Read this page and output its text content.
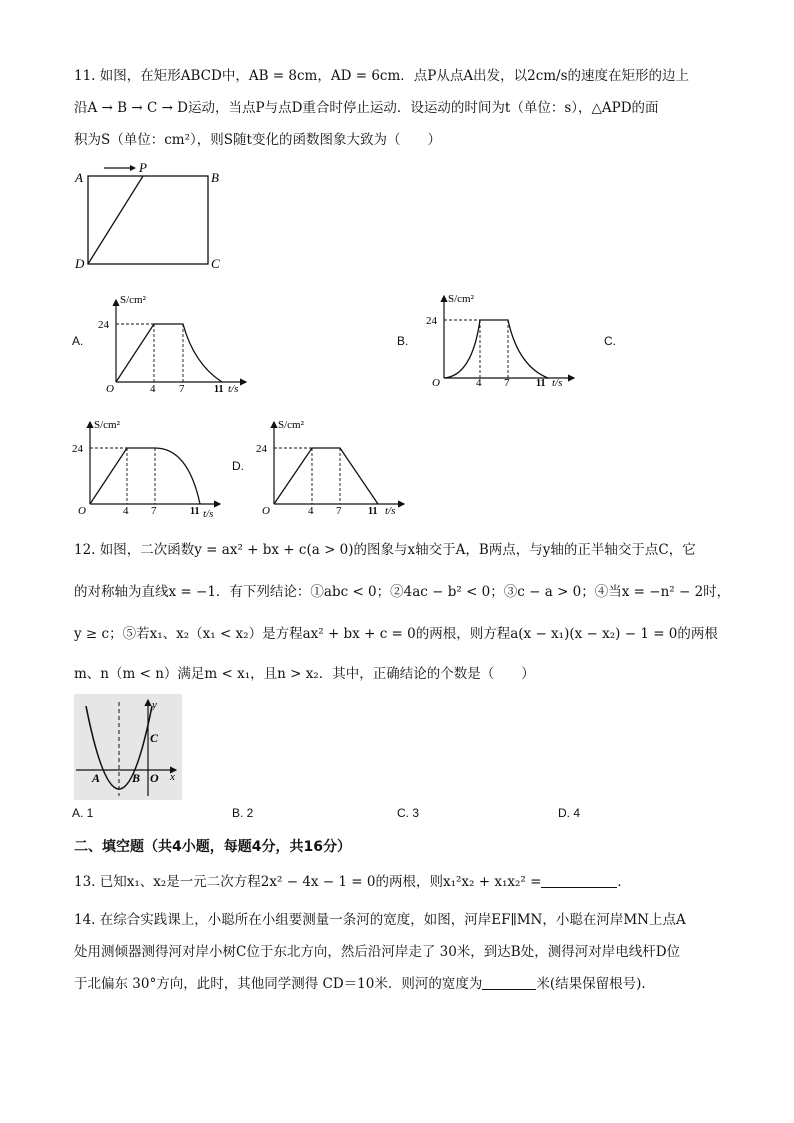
11. 如图，在矩形ABCD中，AB = 8cm，AD = 6cm．点P从点A出发，以2cm/s的速度在矩形的边上
沿A → B → C → D运动，当点P与点D重合时停止运动．设运动的时间为t（单位：s），△APD的面
积为S（单位：cm²），则S随t变化的函数图象大致为（　　）
A
P
B
D	C
A.	B.	C.
D.
S/cm²
24
O	4 7	11 t/s
S/cm²
24
O	4 7	11 t/s
S/cm²
24
O	4 7	11 t/s
S/cm²
24
O	4 7	11 t/s
12. 如图，二次函数y = ax² + bx + c(a > 0)的图象与x轴交于A，B两点，与y轴的正半轴交于点C，它
的对称轴为直线x = −1．有下列结论：①abc < 0；②4ac − b² < 0；③c − a > 0；④当x = −n² − 2时，
y ≥ c；⑤若x₁、x₂（x₁ < x₂）是方程ax² + bx + c = 0的两根，则方程a(x − x₁)(x − x₂) − 1 = 0的两根
m、n（m < n）满足m < x₁，且n > x₂．其中，正确结论的个数是（　　）
y
C
A	B O x
A. 1	B. 2	C. 3	D. 4
二、填空题（共4小题，每题4分，共16分）
13. 已知x₁、x₂是一元二次方程2x² − 4x − 1 = 0的两根，则x₁²x₂ + x₁x₂² =	．
14. 在综合实践课上，小聪所在小组要测量一条河的宽度，如图，河岸EF∥MN，小聪在河岸MN上点A
处用测倾器测得河对岸小树C位于东北方向，然后沿河岸走了 30米，到达B处，测得河对岸电线杆D位
于北偏东 30°方向，此时，其他同学测得 CD＝10米．则河的宽度为	米(结果保留根号).
